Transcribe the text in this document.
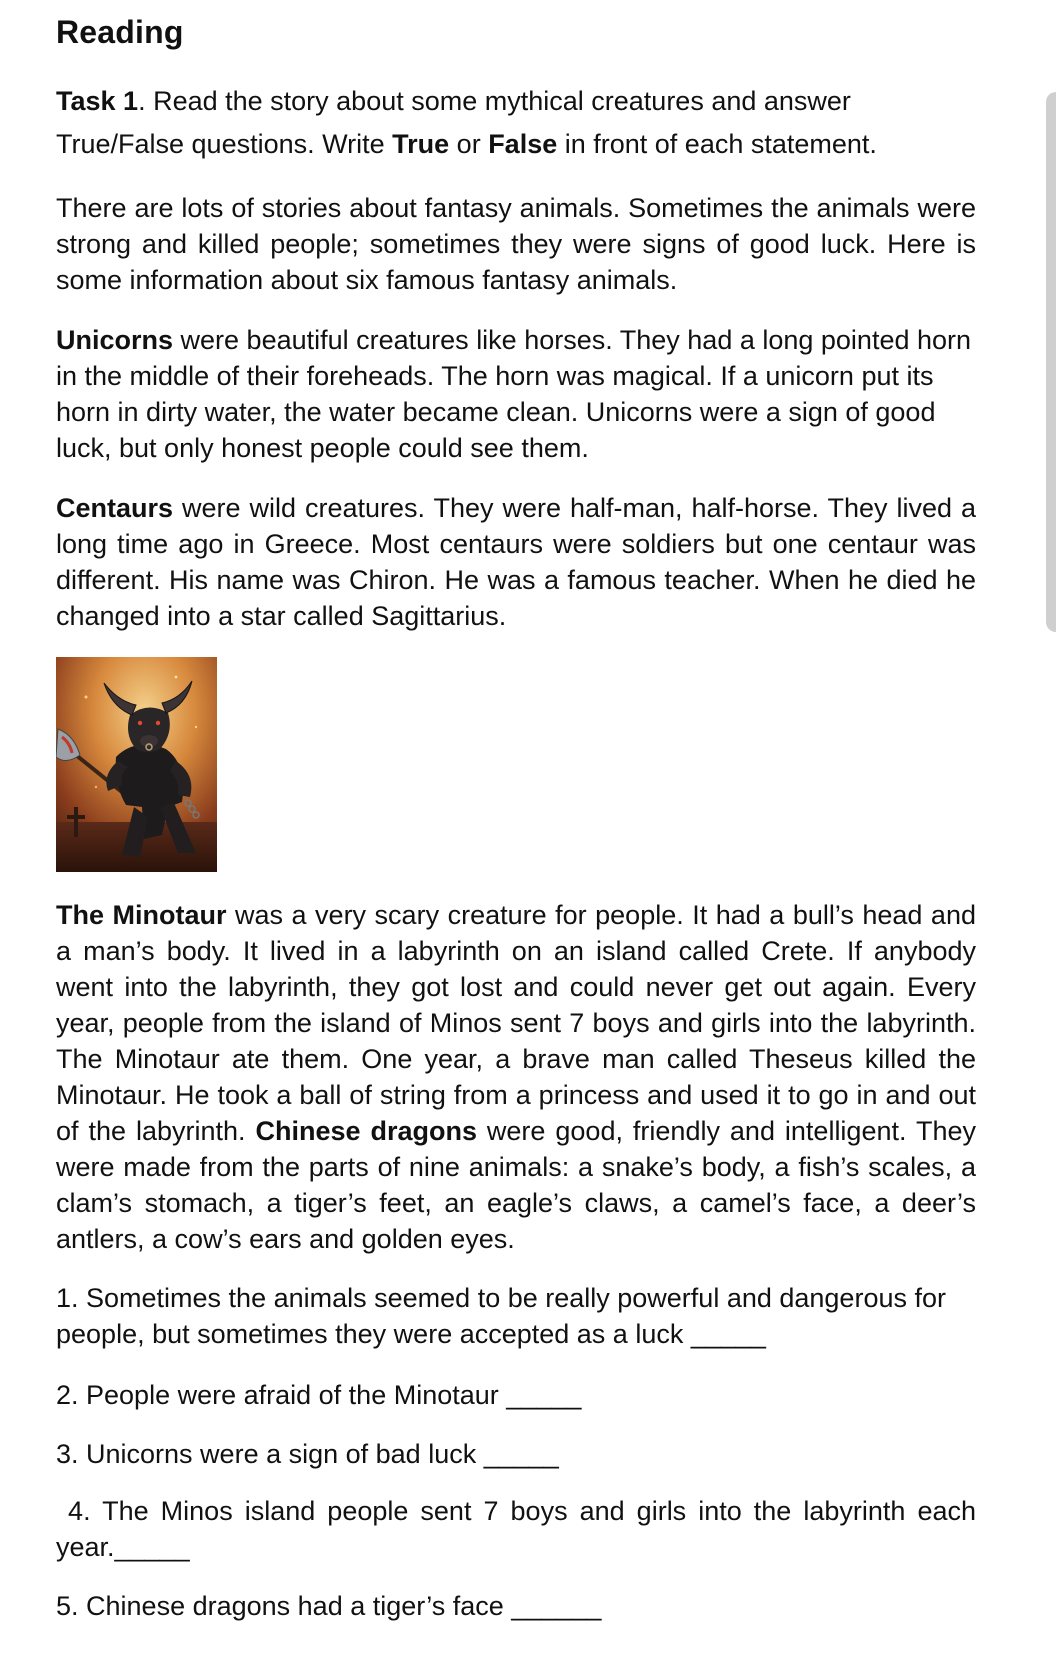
Reading
Task 1. Read the story about some mythical creatures and answer True/False questions. Write True or False in front of each statement.

There are lots of stories about fantasy animals. Sometimes the animals were strong and killed people; sometimes they were signs of good luck. Here is some information about six famous fantasy animals.

Unicorns were beautiful creatures like horses. They had a long pointed horn in the middle of their foreheads. The horn was magical. If a unicorn put its horn in dirty water, the water became clean. Unicorns were a sign of good luck, but only honest people could see them.

Centaurs were wild creatures. They were half-man, half-horse. They lived a long time ago in Greece. Most centaurs were soldiers but one centaur was different. His name was Chiron. He was a famous teacher. When he died he changed into a star called Sagittarius.

The Minotaur was a very scary creature for people. It had a bull’s head and a man’s body. It lived in a labyrinth on an island called Crete. If anybody went into the labyrinth, they got lost and could never get out again. Every year, people from the island of Minos sent 7 boys and girls into the labyrinth. The Minotaur ate them. One year, a brave man called Theseus killed the Minotaur. He took a ball of string from a princess and used it to go in and out of the labyrinth. Chinese dragons were good, friendly and intelligent. They were made from the parts of nine animals: a snake’s body, a fish’s scales, a clam’s stomach, a tiger’s feet, an eagle’s claws, a camel’s face, a deer’s antlers, a cow’s ears and golden eyes.

1. Sometimes the animals seemed to be really powerful and dangerous for people, but sometimes they were accepted as a luck _____
2. People were afraid of the Minotaur _____
3. Unicorns were a sign of bad luck _____
4. The Minos island people sent 7 boys and girls into the labyrinth each year._____
5. Chinese dragons had a tiger’s face ______
